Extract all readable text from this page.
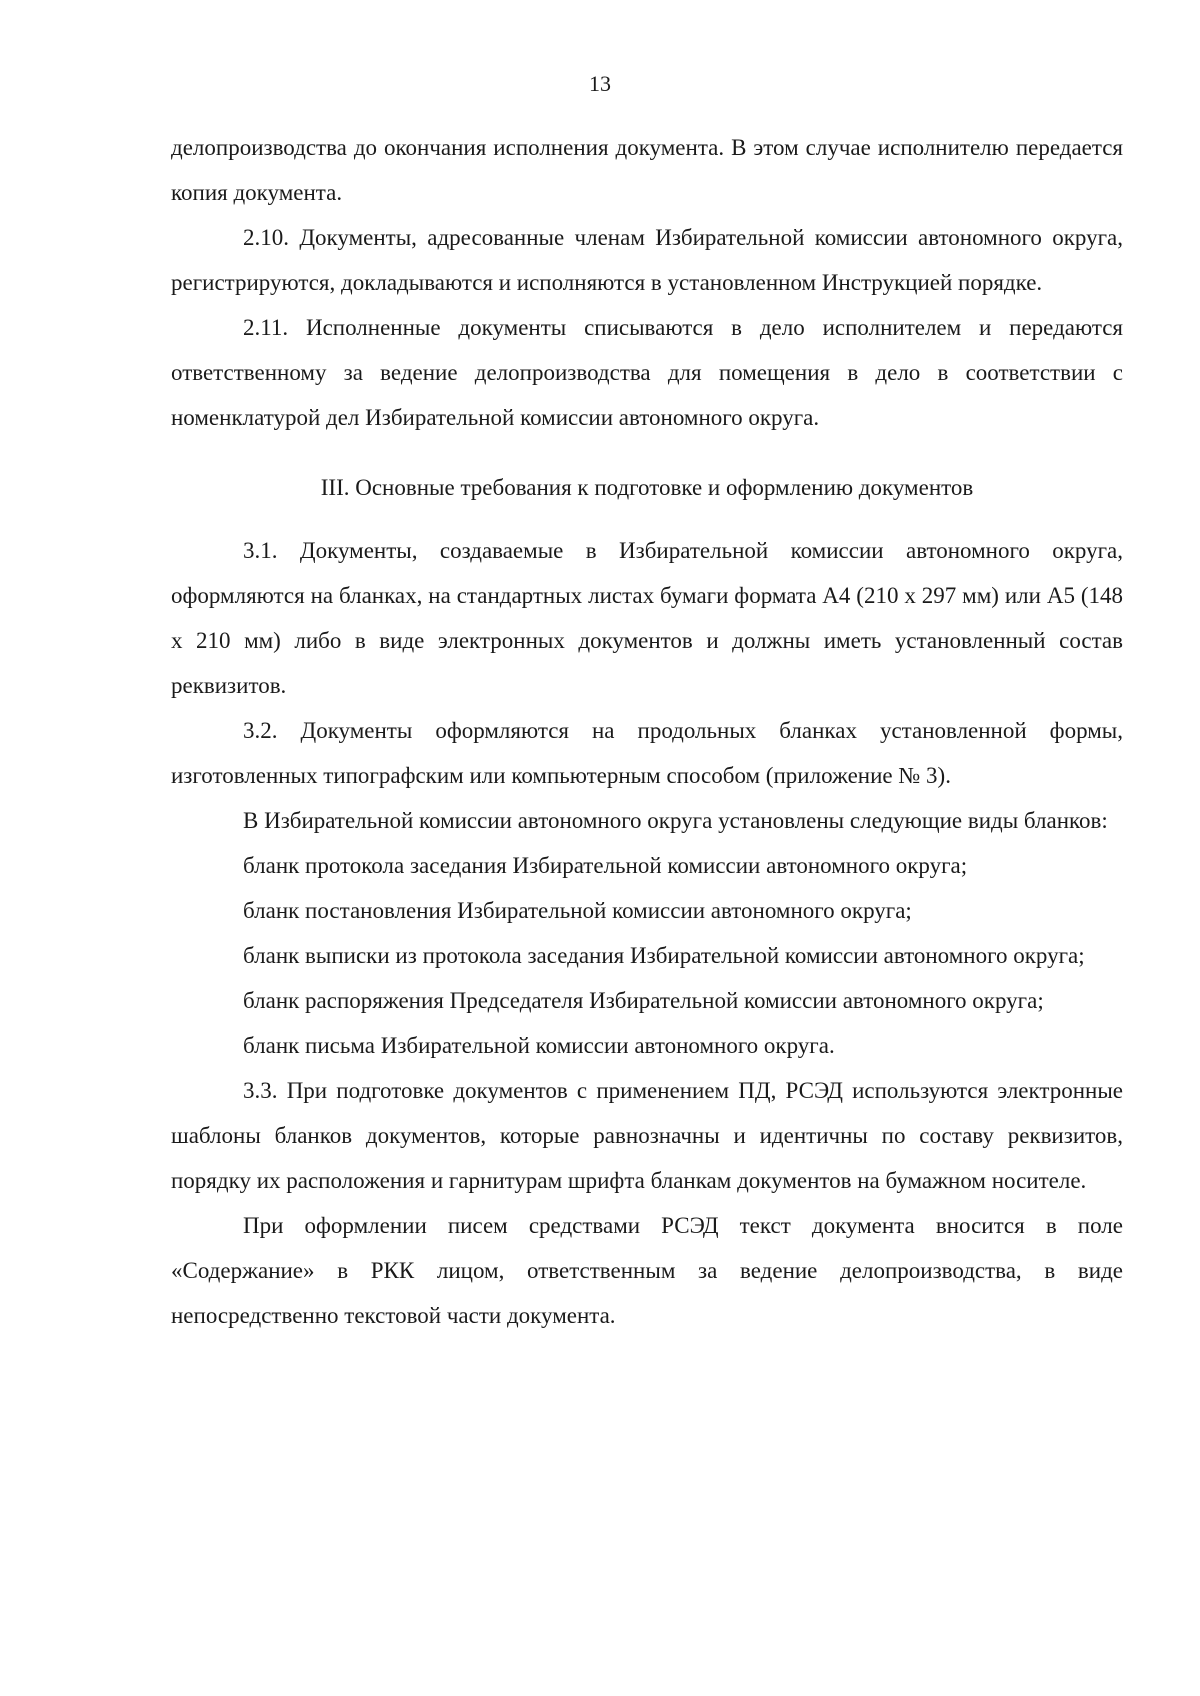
13

делопроизводства до окончания исполнения документа. В этом случае исполнителю передается копия документа.

2.10. Документы, адресованные членам Избирательной комиссии автономного округа, регистрируются, докладываются и исполняются в установленном Инструкцией порядке.

2.11. Исполненные документы списываются в дело исполнителем и передаются ответственному за ведение делопроизводства для помещения в дело в соответствии с номенклатурой дел Избирательной комиссии автономного округа.

III. Основные требования к подготовке и оформлению документов

3.1. Документы, создаваемые в Избирательной комиссии автономного округа, оформляются на бланках, на стандартных листах бумаги формата А4 (210 х 297 мм) или А5 (148 х 210 мм) либо в виде электронных документов и должны иметь установленный состав реквизитов.

3.2. Документы оформляются на продольных бланках установленной формы, изготовленных типографским или компьютерным способом (приложение № 3).

В Избирательной комиссии автономного округа установлены следующие виды бланков:

бланк протокола заседания Избирательной комиссии автономного округа;

бланк постановления Избирательной комиссии автономного округа;

бланк выписки из протокола заседания Избирательной комиссии автономного округа;

бланк распоряжения Председателя Избирательной комиссии автономного округа;

бланк письма Избирательной комиссии автономного округа.

3.3. При подготовке документов с применением ПД, РСЭД используются электронные шаблоны бланков документов, которые равнозначны и идентичны по составу реквизитов, порядку их расположения и гарнитурам шрифта бланкам документов на бумажном носителе.

При оформлении писем средствами РСЭД текст документа вносится в поле «Содержание» в РКК лицом, ответственным за ведение делопроизводства, в виде непосредственно текстовой части документа.
